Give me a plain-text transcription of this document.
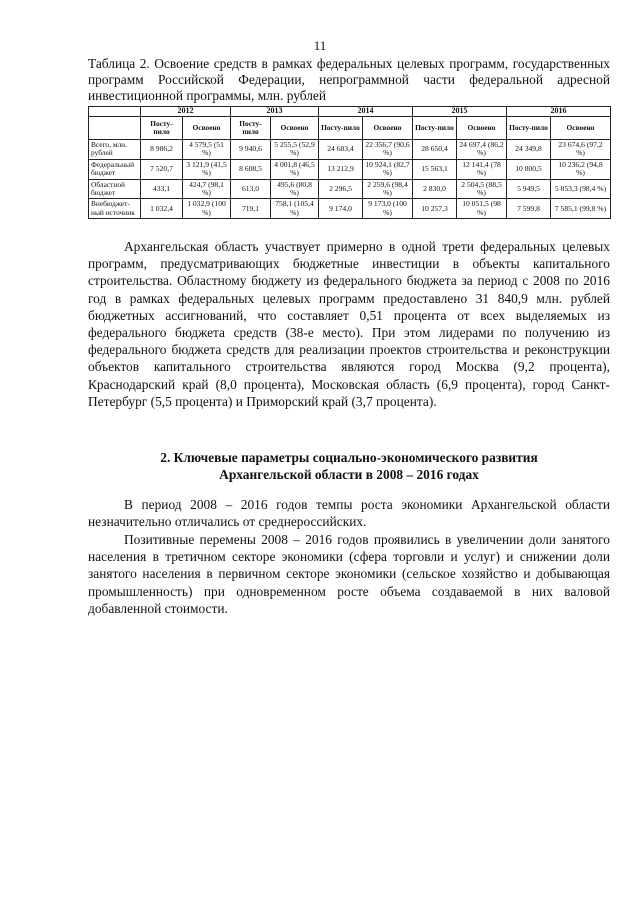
11
Таблица 2. Освоение средств в рамках федеральных целевых программ, государственных программ Российской Федерации, непрограммной части федеральной адресной инвестиционной программы, млн. рублей
	2012		2013		2014		2015		2016	
	Посту-пило	Освоено	Посту-пило	Освоено	Посту-пило	Освоено	Посту-пило	Освоено	Посту-пило	Освоено
Всего, млн. рублей	8 986,2	4 579,5 (51 %)	9 940,6	5 255,5 (52,9 %)	24 683,4	22 356,7 (90,6 %)	28 650,4	24 697,4 (86,2 %)	24 349,8	23 674,6 (97,2 %)
Федеральный бюджет	7 520,7	3 121,9 (41,5 %)	8 608,5	4 001,8 (46,5 %)	13 212,9	10 924,1 (82,7 %)	15 563,1	12 141,4 (78 %)	10 800,5	10 236,2 (94,8 %)
Областной бюджет	433,1	424,7 (98,1 %)	613,0	495,6 (80,8 %)	2 296,5	2 259,6 (98,4 %)	2 830,0	2 504,5 (88,5 %)	5 949,5	5 853,3 (98,4 %)
Внебюджет-ный источник	1 032,4	1 032,9 (100 %)	719,1	758,1 (105,4 %)	9 174,0	9 173,0 (100 %)	10 257,3	10 051,5 (98 %)	7 599,8	7 585,1 (99,8 %)
Архангельская область участвует примерно в одной трети федеральных целевых программ, предусматривающих бюджетные инвестиции в объекты капитального строительства. Областному бюджету из федерального бюджета за период с 2008 по 2016 год в рамках федеральных целевых программ предоставлено 31 840,9 млн. рублей бюджетных ассигнований, что составляет 0,51 процента от всех выделяемых из федерального бюджета средств (38-е место). При этом лидерами по получению из федерального бюджета средств для реализации проектов строительства и реконструкции объектов капитального строительства являются город Москва (9,2 процента), Краснодарский край (8,0 процента), Московская область (6,9 процента), город Санкт-Петербург (5,5 процента) и Приморский край (3,7 процента).
2. Ключевые параметры социально-экономического развития
Архангельской области в 2008 – 2016 годах
В период 2008 – 2016 годов темпы роста экономики Архангельской области незначительно отличались от среднероссийских.
Позитивные перемены 2008 – 2016 годов проявились в увеличении доли занятого населения в третичном секторе экономики (сфера торговли и услуг) и снижении доли занятого населения в первичном секторе экономики (сельское хозяйство и добывающая промышленность) при одновременном росте объема создаваемой в них валовой добавленной стоимости.
